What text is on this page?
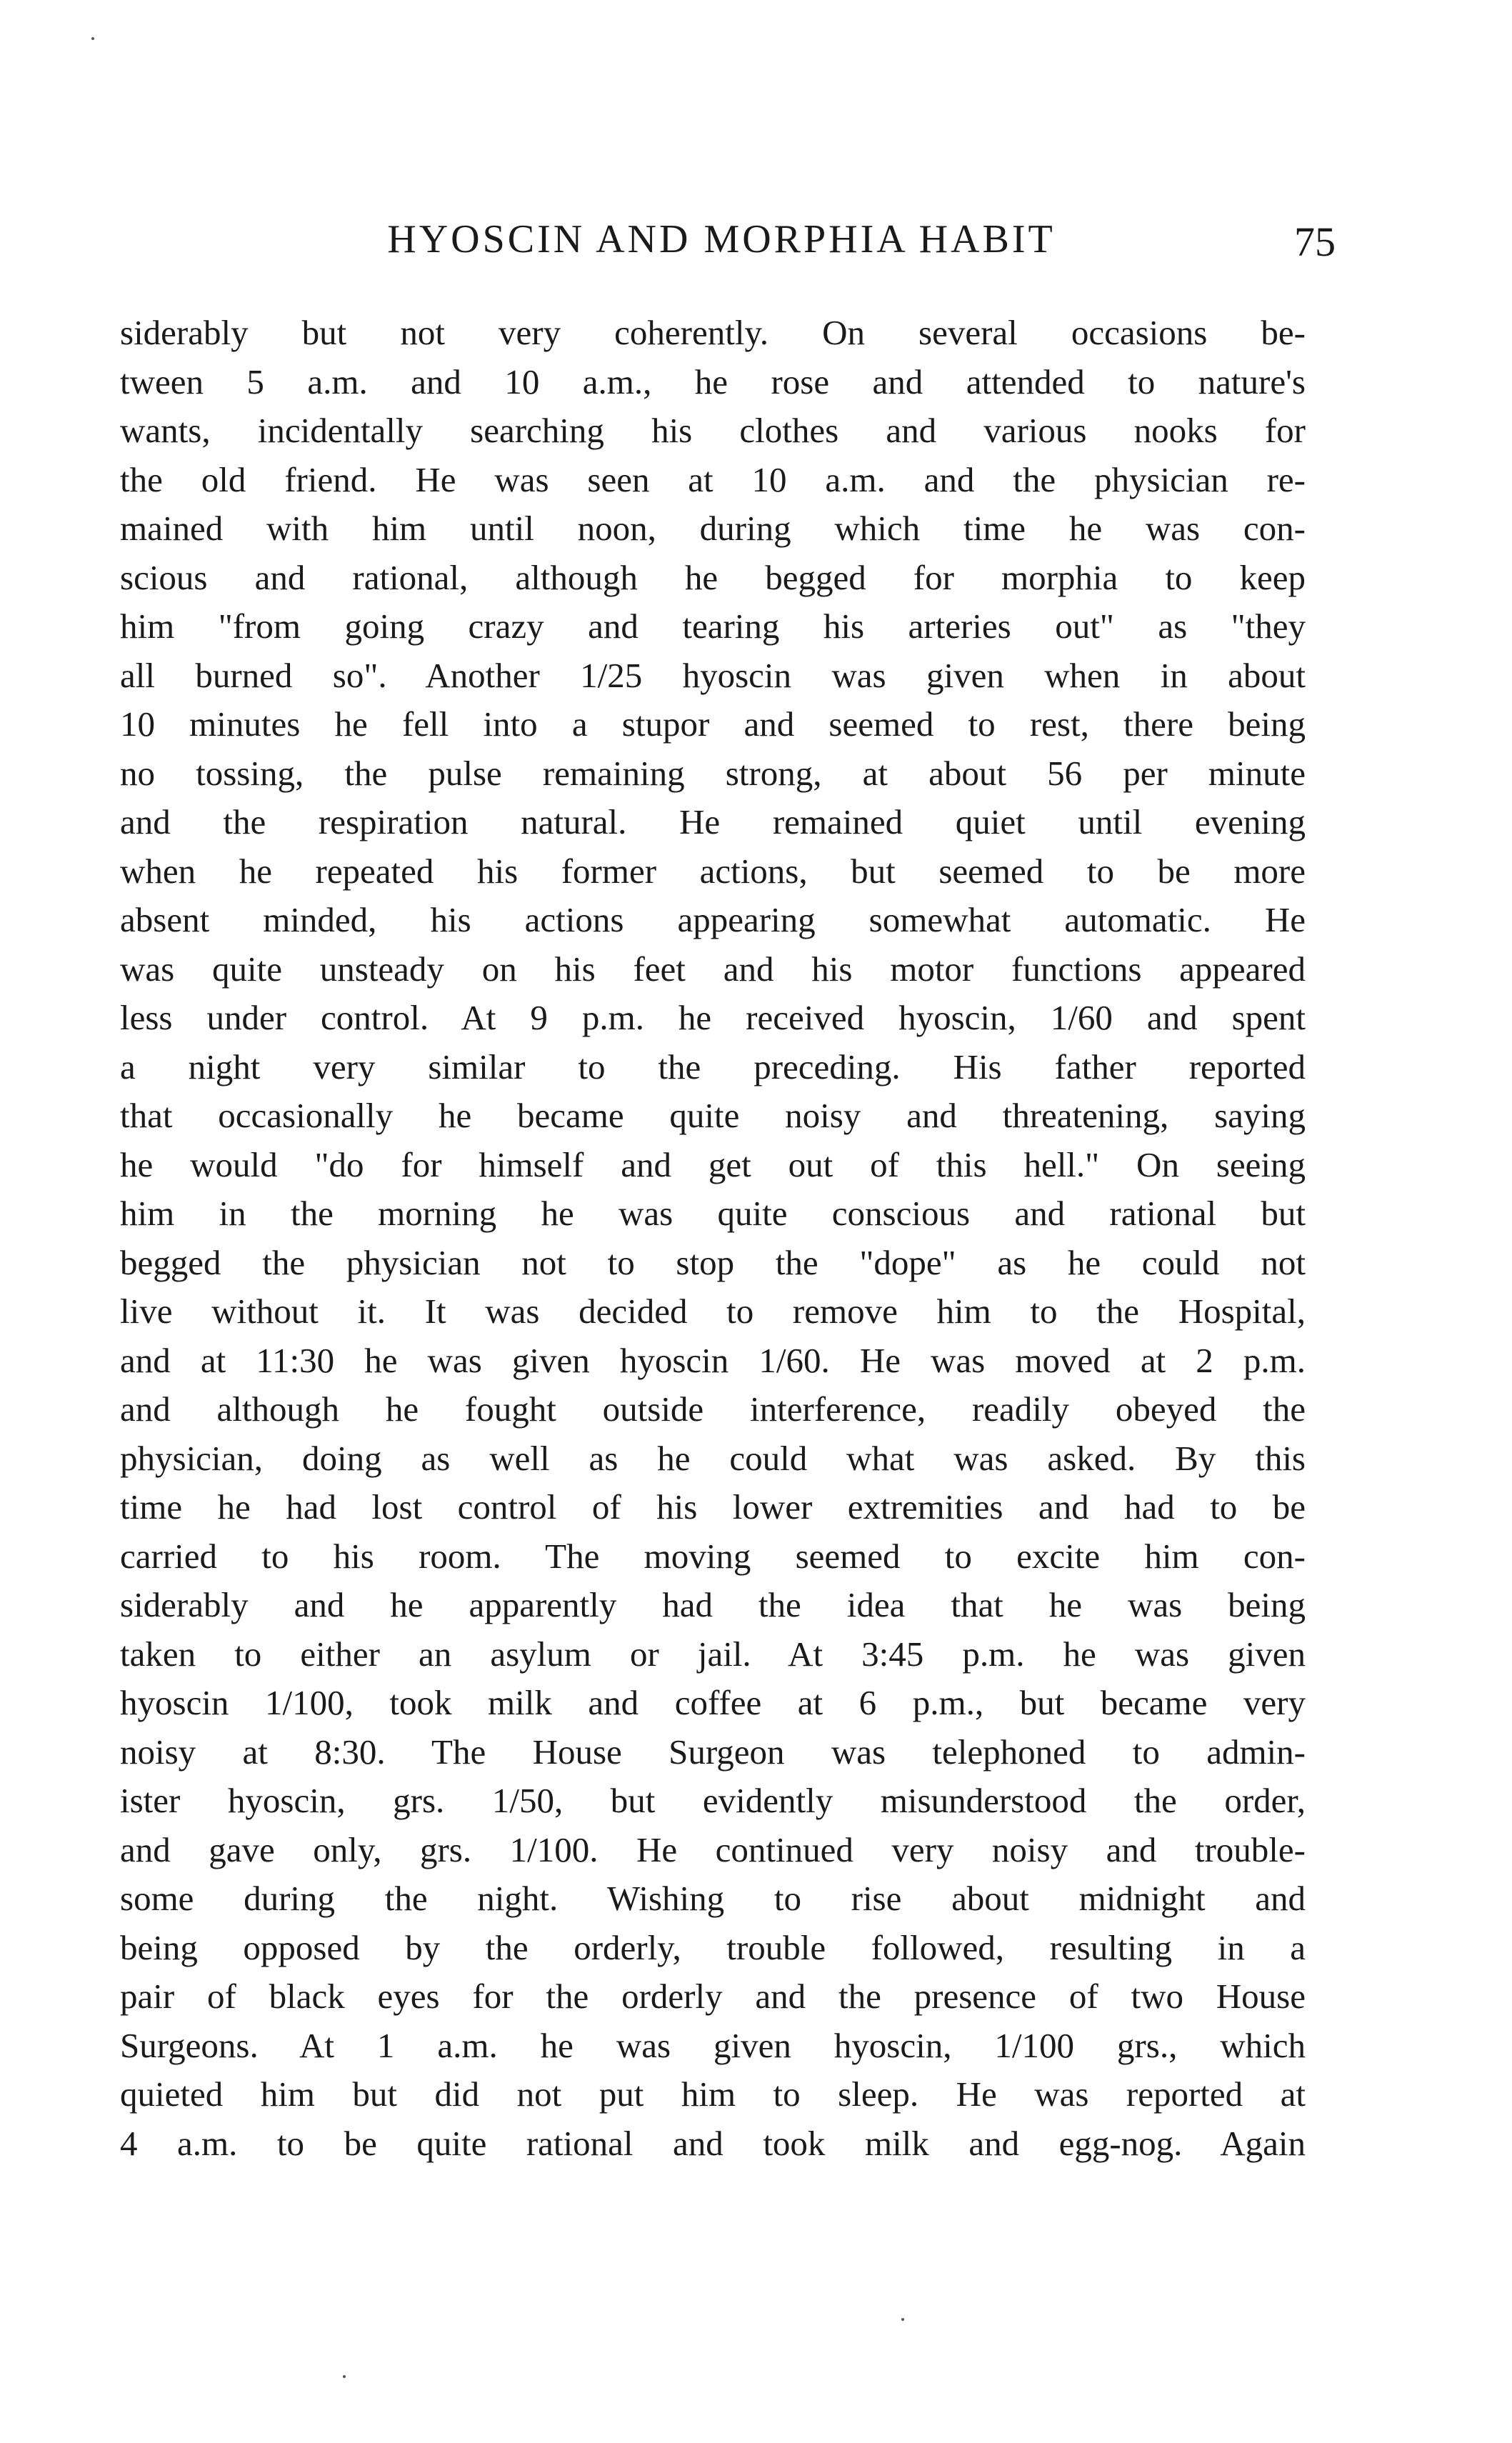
HYOSCIN AND MORPHIA HABIT	75
siderably but not very coherently. On several occasions be-
tween 5 a.m. and 10 a.m., he rose and attended to nature's
wants, incidentally searching his clothes and various nooks for
the old friend. He was seen at 10 a.m. and the physician re-
mained with him until noon, during which time he was con-
scious and rational, although he begged for morphia to keep
him "from going crazy and tearing his arteries out" as "they
all burned so". Another 1/25 hyoscin was given when in about
10 minutes he fell into a stupor and seemed to rest, there being
no tossing, the pulse remaining strong, at about 56 per minute
and the respiration natural. He remained quiet until evening
when he repeated his former actions, but seemed to be more
absent minded, his actions appearing somewhat automatic. He
was quite unsteady on his feet and his motor functions appeared
less under control. At 9 p.m. he received hyoscin, 1/60 and spent
a night very similar to the preceding. His father reported
that occasionally he became quite noisy and threatening, saying
he would "do for himself and get out of this hell." On seeing
him in the morning he was quite conscious and rational but
begged the physician not to stop the "dope" as he could not
live without it. It was decided to remove him to the Hospital,
and at 11:30 he was given hyoscin 1/60. He was moved at 2 p.m.
and although he fought outside interference, readily obeyed the
physician, doing as well as he could what was asked. By this
time he had lost control of his lower extremities and had to be
carried to his room. The moving seemed to excite him con-
siderably and he apparently had the idea that he was being
taken to either an asylum or jail. At 3:45 p.m. he was given
hyoscin 1/100, took milk and coffee at 6 p.m., but became very
noisy at 8:30. The House Surgeon was telephoned to admin-
ister hyoscin, grs. 1/50, but evidently misunderstood the order,
and gave only, grs. 1/100. He continued very noisy and trouble-
some during the night. Wishing to rise about midnight and
being opposed by the orderly, trouble followed, resulting in a
pair of black eyes for the orderly and the presence of two House
Surgeons. At 1 a.m. he was given hyoscin, 1/100 grs., which
quieted him but did not put him to sleep. He was reported at
4 a.m. to be quite rational and took milk and egg-nog. Again
